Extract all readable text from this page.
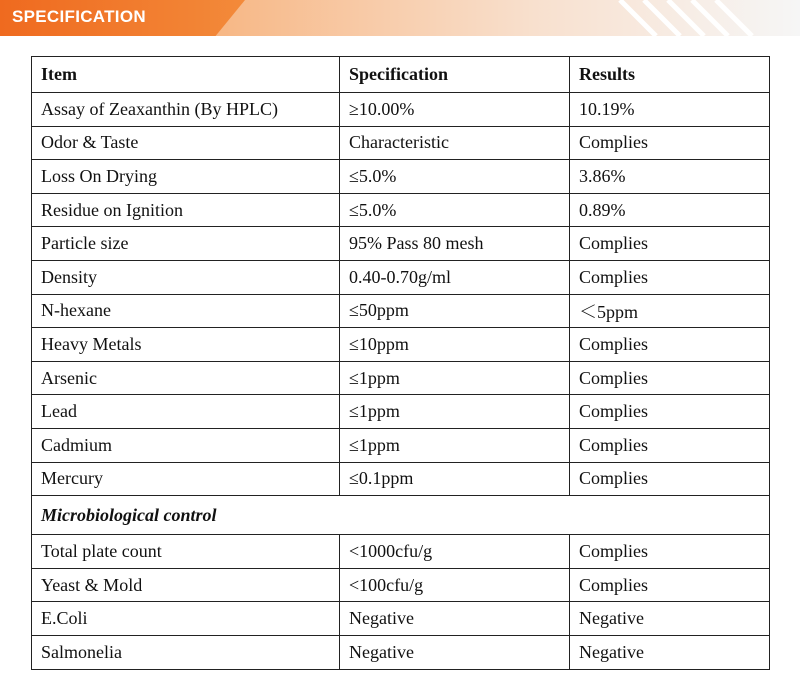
SPECIFICATION
Item	Specification	Results
Assay of Zeaxanthin (By HPLC)	≥10.00%	10.19%
Odor & Taste	Characteristic	Complies
Loss On Drying	≤5.0%	3.86%
Residue on Ignition	≤5.0%	0.89%
Particle size	95% Pass 80 mesh	Complies
Density	0.40-0.70g/ml	Complies
N-hexane	≤50ppm	＜5ppm
Heavy Metals	≤10ppm	Complies
Arsenic	≤1ppm	Complies
Lead	≤1ppm	Complies
Cadmium	≤1ppm	Complies
Mercury	≤0.1ppm	Complies
Microbiological control		
Total plate count	<1000cfu/g	Complies
Yeast & Mold	<100cfu/g	Complies
E.Coli	Negative	Negative
Salmonelia	Negative	Negative
